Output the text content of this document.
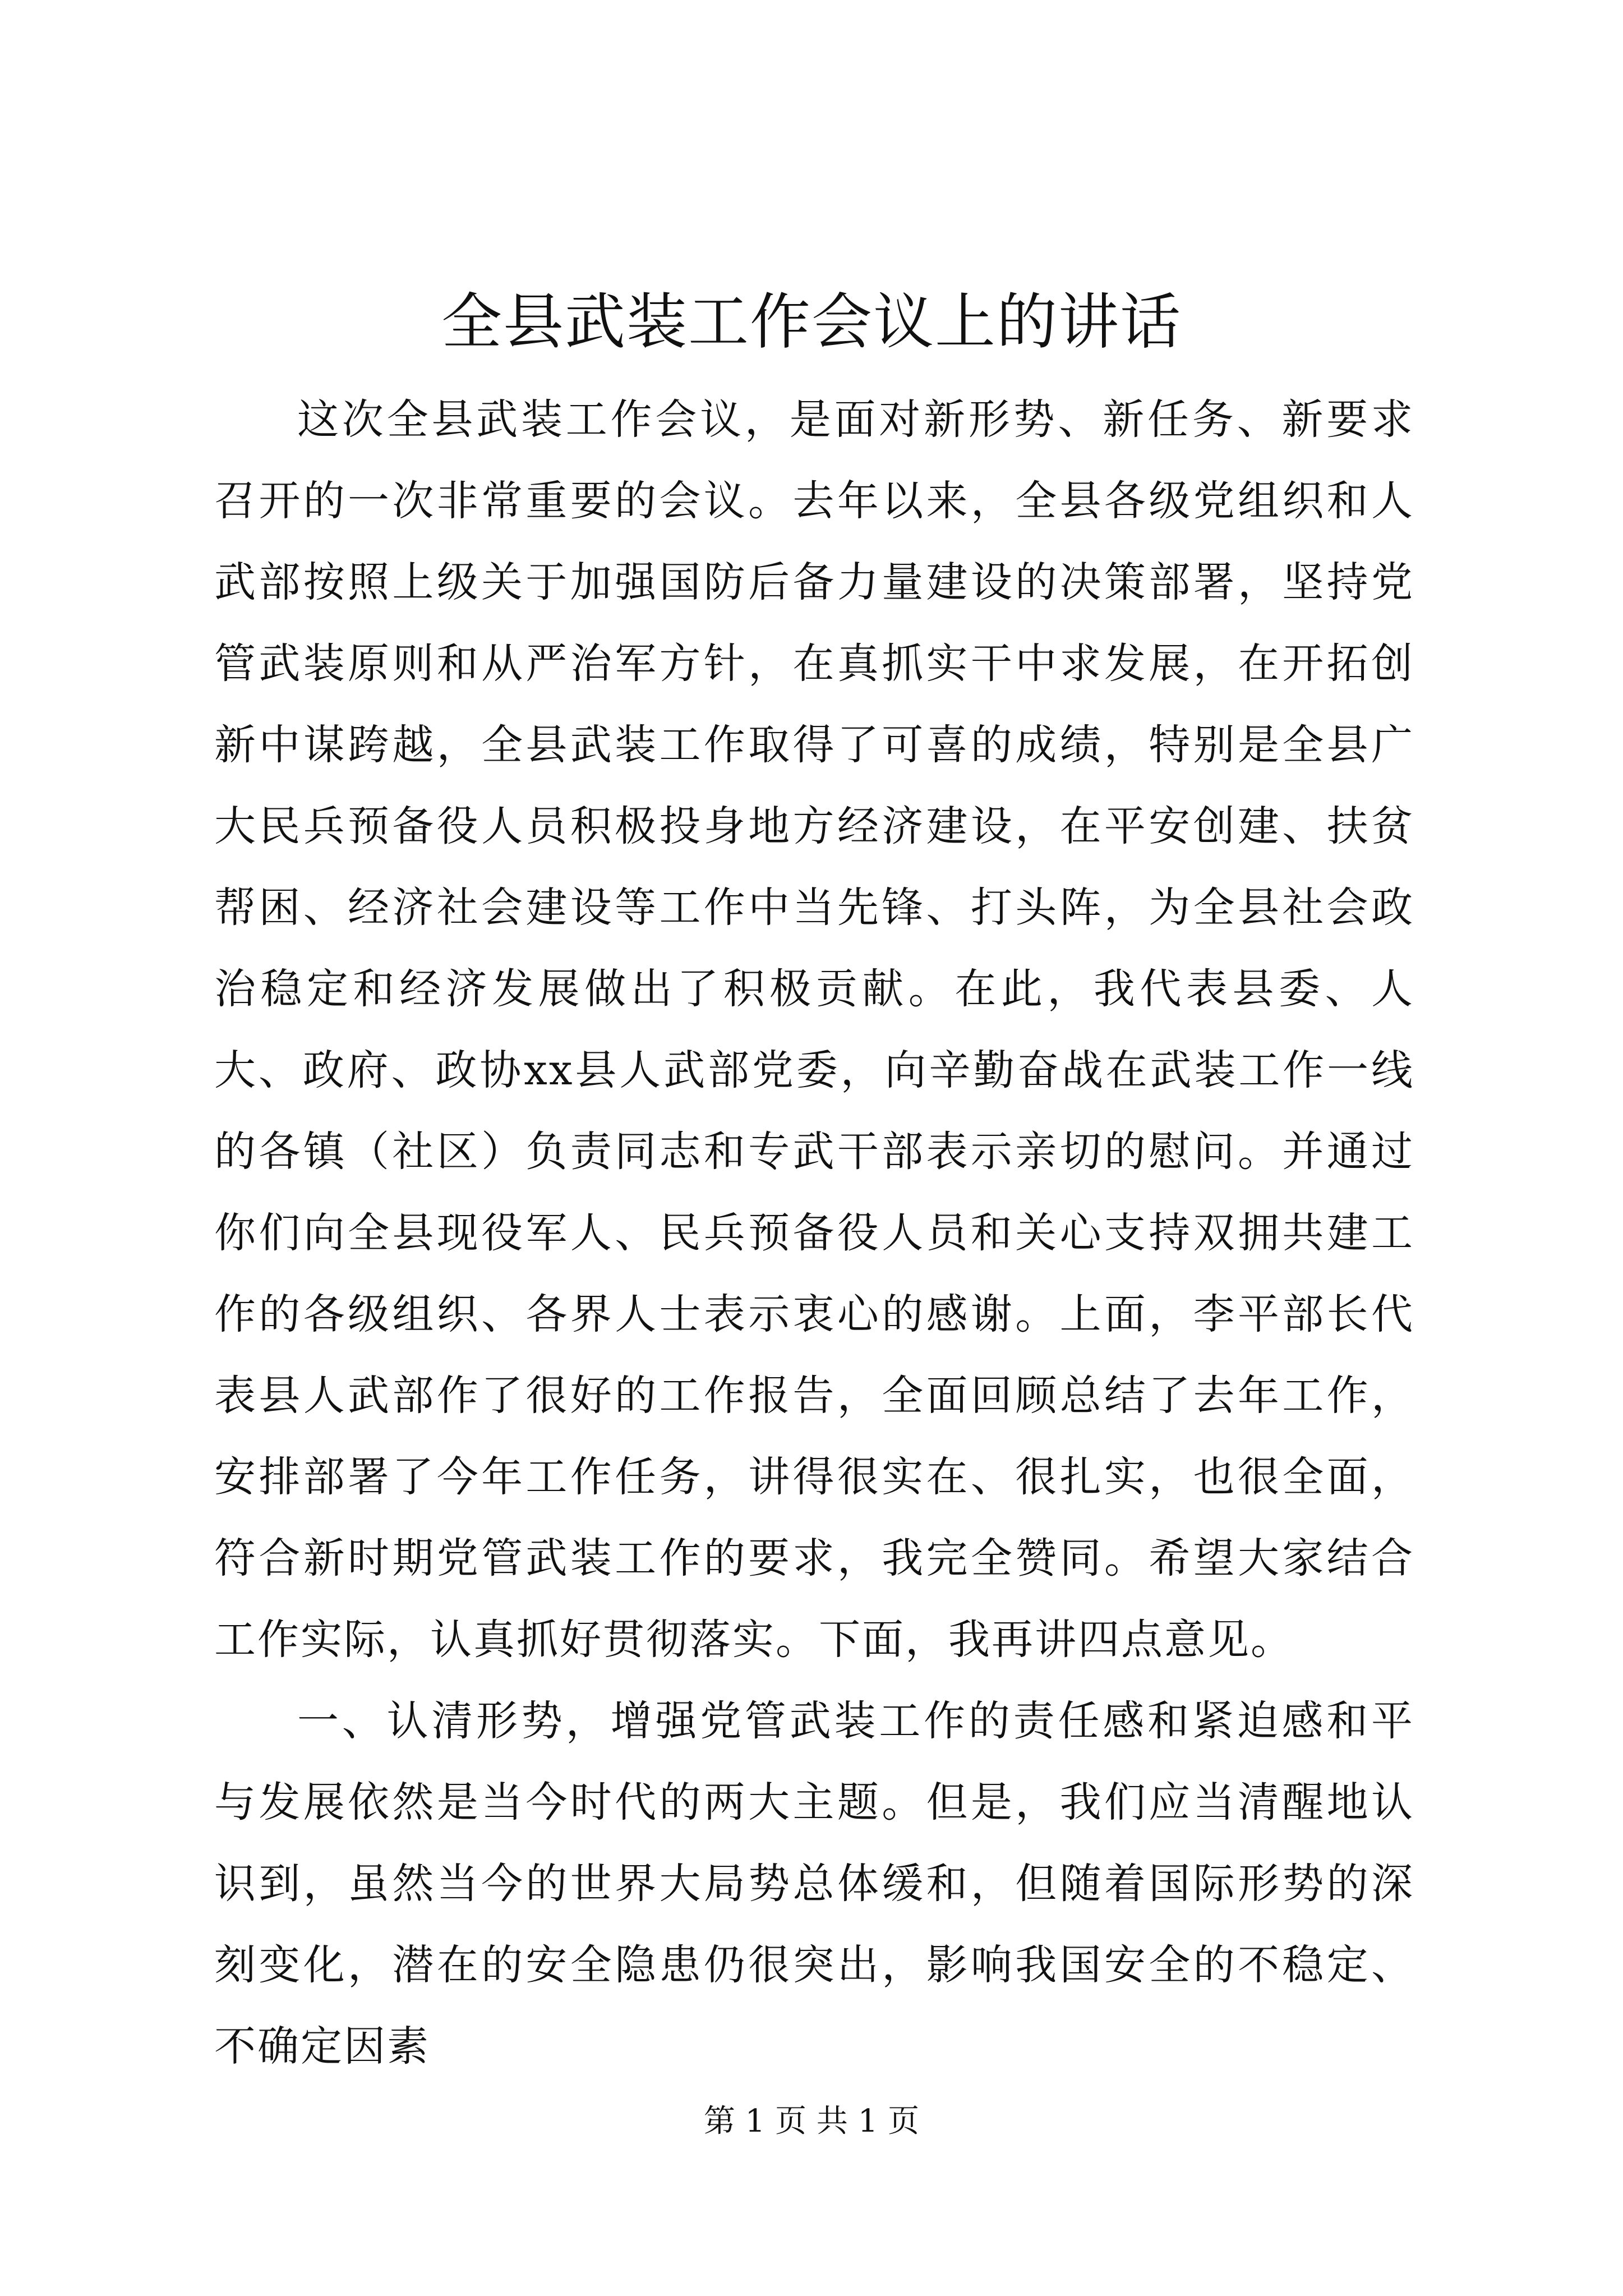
全县武装工作会议上的讲话

这次全县武装工作会议，是面对新形势、新任务、新要求召开的一次非常重要的会议。去年以来，全县各级党组织和人武部按照上级关于加强国防后备力量建设的决策部署，坚持党管武装原则和从严治军方针，在真抓实干中求发展，在开拓创新中谋跨越，全县武装工作取得了可喜的成绩，特别是全县广大民兵预备役人员积极投身地方经济建设，在平安创建、扶贫帮困、经济社会建设等工作中当先锋、打头阵，为全县社会政治稳定和经济发展做出了积极贡献。在此，我代表县委、人大、政府、政协xx县人武部党委，向辛勤奋战在武装工作一线的各镇（社区）负责同志和专武干部表示亲切的慰问。并通过你们向全县现役军人、民兵预备役人员和关心支持双拥共建工作的各级组织、各界人士表示衷心的感谢。上面，李平部长代表县人武部作了很好的工作报告，全面回顾总结了去年工作，安排部署了今年工作任务，讲得很实在、很扎实，也很全面，符合新时期党管武装工作的要求，我完全赞同。希望大家结合工作实际，认真抓好贯彻落实。下面，我再讲四点意见。

一、认清形势，增强党管武装工作的责任感和紧迫感和平与发展依然是当今时代的两大主题。但是，我们应当清醒地认识到，虽然当今的世界大局势总体缓和，但随着国际形势的深刻变化，潜在的安全隐患仍很突出，影响我国安全的不稳定、不确定因素

第 1 页 共 1 页
